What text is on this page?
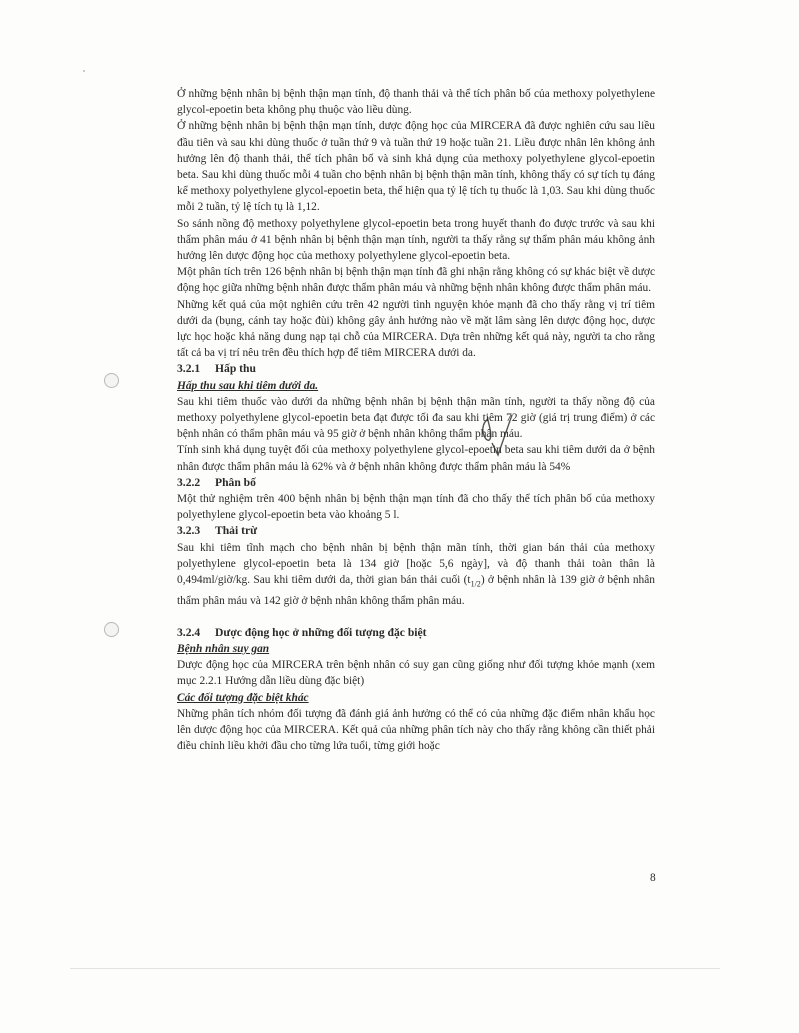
Ở những bệnh nhân bị bệnh thận mạn tính, độ thanh thải và thể tích phân bố của methoxy polyethylene glycol-epoetin beta không phụ thuộc vào liều dùng.

Ở những bệnh nhân bị bệnh thận mạn tính, dược động học của MIRCERA đã được nghiên cứu sau liều đầu tiên và sau khi dùng thuốc ở tuần thứ 9 và tuần thứ 19 hoặc tuần 21. Liều được nhân lên không ảnh hưởng lên độ thanh thải, thể tích phân bố và sinh khả dụng của methoxy polyethylene glycol-epoetin beta. Sau khi dùng thuốc mỗi 4 tuần cho bệnh nhân bị bệnh thận mãn tính, không thấy có sự tích tụ đáng kể methoxy polyethylene glycol-epoetin beta, thể hiện qua tỷ lệ tích tụ thuốc là 1,03. Sau khi dùng thuốc mỗi 2 tuần, tỷ lệ tích tụ là 1,12.

So sánh nồng độ methoxy polyethylene glycol-epoetin beta trong huyết thanh đo được trước và sau khi thẩm phân máu ở 41 bệnh nhân bị bệnh thận mạn tính, người ta thấy rằng sự thẩm phân máu không ảnh hưởng lên dược động học của methoxy polyethylene glycol-epoetin beta.

Một phân tích trên 126 bệnh nhân bị bệnh thận mạn tính đã ghi nhận rằng không có sự khác biệt về dược động học giữa những bệnh nhân được thẩm phân máu và những bệnh nhân không được thẩm phân máu.

Những kết quả của một nghiên cứu trên 42 người tình nguyện khỏe mạnh đã cho thấy rằng vị trí tiêm dưới da (bụng, cánh tay hoặc đùi) không gây ảnh hưởng nào về mặt lâm sàng lên dược động học, dược lực học hoặc khả năng dung nạp tại chỗ của MIRCERA. Dựa trên những kết quả này, người ta cho rằng tất cả ba vị trí nêu trên đều thích hợp để tiêm MIRCERA dưới da.

3.2.1 Hấp thu

Hấp thu sau khi tiêm dưới da.

Sau khi tiêm thuốc vào dưới da những bệnh nhân bị bệnh thận mãn tính, người ta thấy nồng độ của methoxy polyethylene glycol-epoetin beta đạt được tối đa sau khi tiêm 72 giờ (giá trị trung điểm) ở các bệnh nhân có thẩm phân máu và 95 giờ ở bệnh nhân không thẩm phân máu.

Tính sinh khả dụng tuyệt đối của methoxy polyethylene glycol-epoetin beta sau khi tiêm dưới da ở bệnh nhân được thẩm phân máu là 62% và ở bệnh nhân không được thẩm phân máu là 54%

3.2.2 Phân bố

Một thử nghiệm trên 400 bệnh nhân bị bệnh thận mạn tính đã cho thấy thể tích phân bố của methoxy polyethylene glycol-epoetin beta vào khoảng 5 l.

3.2.3 Thải trừ

Sau khi tiêm tĩnh mạch cho bệnh nhân bị bệnh thận mãn tính, thời gian bán thải của methoxy polyethylene glycol-epoetin beta là 134 giờ [hoặc 5,6 ngày], và độ thanh thải toàn thân là 0,494ml/giờ/kg. Sau khi tiêm dưới da, thời gian bán thải cuối $(t_{1/2})$ ở bệnh nhân là 139 giờ ở bệnh nhân thẩm phân máu và 142 giờ ở bệnh nhân không thẩm phân máu.

3.2.4 Dược động học ở những đối tượng đặc biệt

Bệnh nhân suy gan

Dược động học của MIRCERA trên bệnh nhân có suy gan cũng giống như đối tượng khỏe mạnh (xem mục 2.2.1 Hướng dẫn liều dùng đặc biệt)

Các đối tượng đặc biệt khác

Những phân tích nhóm đối tượng đã đánh giá ảnh hưởng có thể có của những đặc điểm nhân khẩu học lên dược động học của MIRCERA. Kết quả của những phân tích này cho thấy rằng không cần thiết phải điều chỉnh liều khởi đầu cho từng lứa tuổi, từng giới hoặc

8
